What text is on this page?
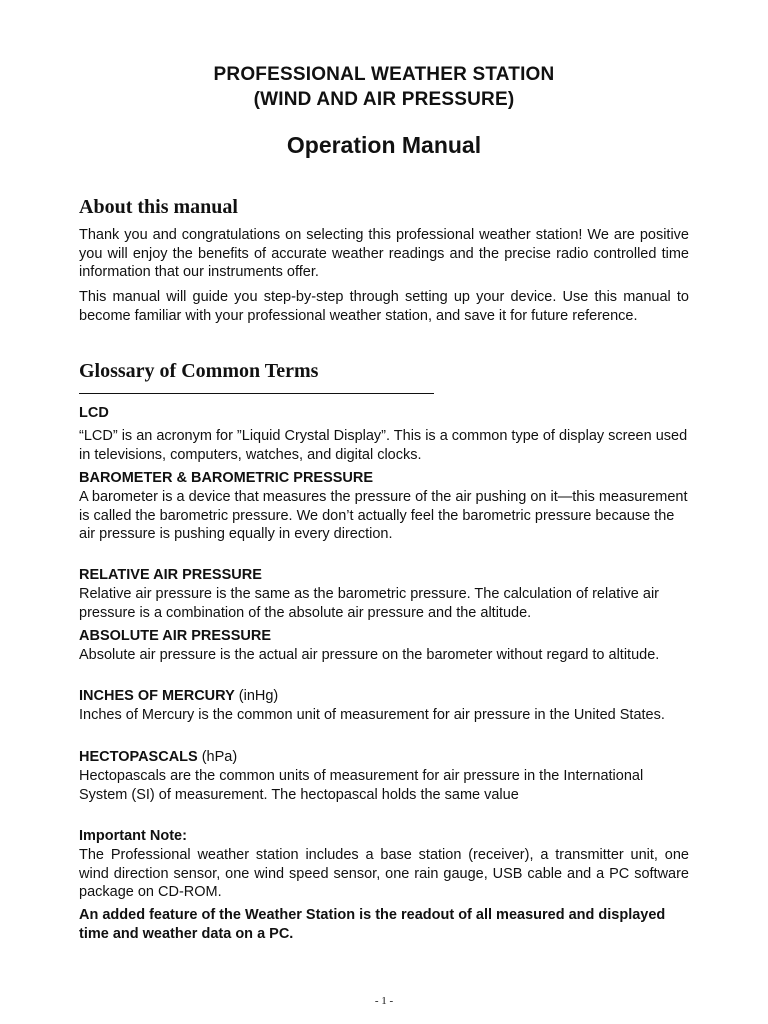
PROFESSIONAL WEATHER STATION
(WIND AND AIR PRESSURE)
Operation Manual
About this manual
Thank you and congratulations on selecting this professional weather station! We are positive you will enjoy the benefits of accurate weather readings and the precise radio controlled time information that our instruments offer.
This manual will guide you step-by-step through setting up your device. Use this manual to become familiar with your professional weather station, and save it for future reference.
Glossary of Common Terms
LCD
“LCD” is an acronym for ”Liquid Crystal Display”. This is a common type of display screen used in televisions, computers, watches, and digital clocks.
BAROMETER & BAROMETRIC PRESSURE
A barometer is a device that measures the pressure of the air pushing on it—this measurement is called the barometric pressure. We don’t actually feel the barometric pressure because the air pressure is pushing equally in every direction.
RELATIVE AIR PRESSURE
Relative air pressure is the same as the barometric pressure. The calculation of relative air pressure is a combination of the absolute air pressure and the altitude.
ABSOLUTE AIR PRESSURE
Absolute air pressure is the actual air pressure on the barometer without regard to altitude.
INCHES OF MERCURY (inHg)
Inches of Mercury is the common unit of measurement for air pressure in the United States.
HECTOPASCALS (hPa)
Hectopascals are the common units of measurement for air pressure in the International System (SI) of measurement. The hectopascal holds the same value
Important Note:
The Professional weather station includes a base station (receiver), a transmitter unit, one wind direction sensor, one wind speed sensor, one rain gauge, USB cable and a PC software package on CD-ROM.
An added feature of the Weather Station is the readout of all measured and displayed time and weather data on a PC.
- 1 -
